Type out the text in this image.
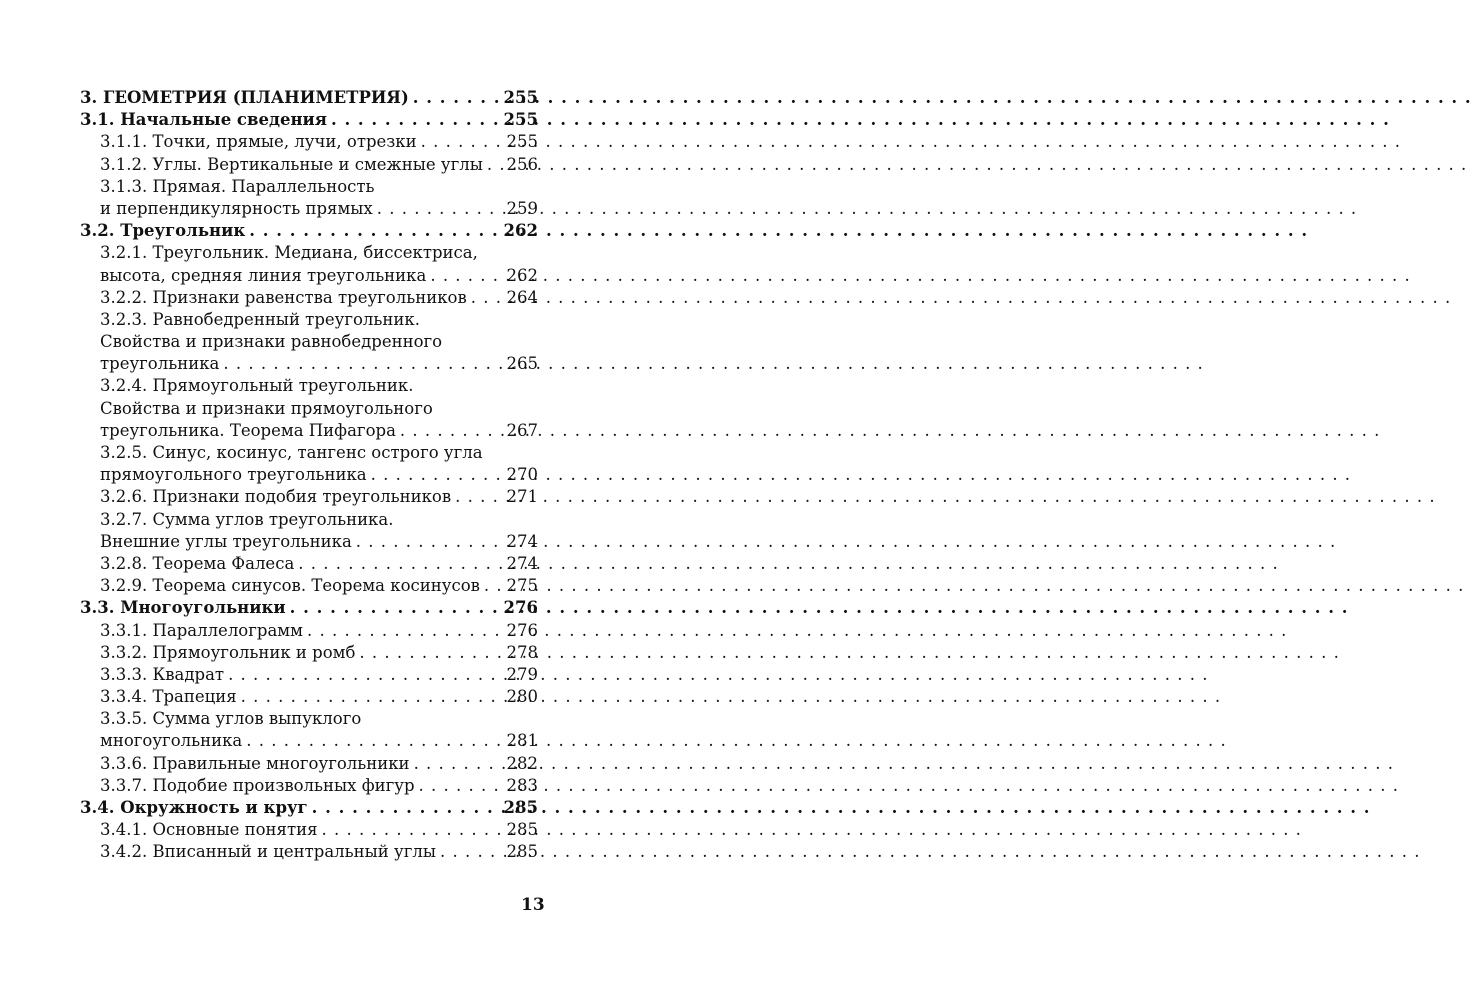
3. ГЕОМЕТРИЯ (ПЛАНИМЕТРИЯ) . . .	255
3.1. Начальные сведения . . .	255
3.1.1. Точки, прямые, лучи, отрезки . . .	255
3.1.2. Углы. Вертикальные и смежные углы . . . 256
3.1.3. Прямая. Параллельность
и перпендикулярность прямых . . .	259
3.2. Треугольник . . .	262
3.2.1. Треугольник. Медиана, биссектриса,
высота, средняя линия треугольника . . .	262
3.2.2. Признаки равенства треугольников . . . 264
3.2.3. Равнобедренный треугольник.
Свойства и признаки равнобедренного
треугольника . . .	265
3.2.4. Прямоугольный треугольник.
Свойства и признаки прямоугольного
треугольника. Теорема Пифагора . . .	267
3.2.5. Синус, косинус, тангенс острого угла
прямоугольного треугольника . . .	270
3.2.6. Признаки подобия треугольников . . .	271
3.2.7. Сумма углов треугольника.
Внешние углы треугольника . . .	274
3.2.8. Теорема Фалеса . . .	274
3.2.9. Теорема синусов. Теорема косинусов . . . 275
3.3. Многоугольники . . .	276
3.3.1. Параллелограмм . . .	276
3.3.2. Прямоугольник и ромб . . .	278
3.3.3. Квадрат . . .	279
3.3.4. Трапеция . . .	280
3.3.5. Сумма углов выпуклого
многоугольника . . .	281
3.3.6. Правильные многоугольники . . .	282
3.3.7. Подобие произвольных фигур . . .	283
3.4. Окружность и круг . . .	285
3.4.1. Основные понятия . . .	285
3.4.2. Вписанный и центральный углы . . .	285
13
